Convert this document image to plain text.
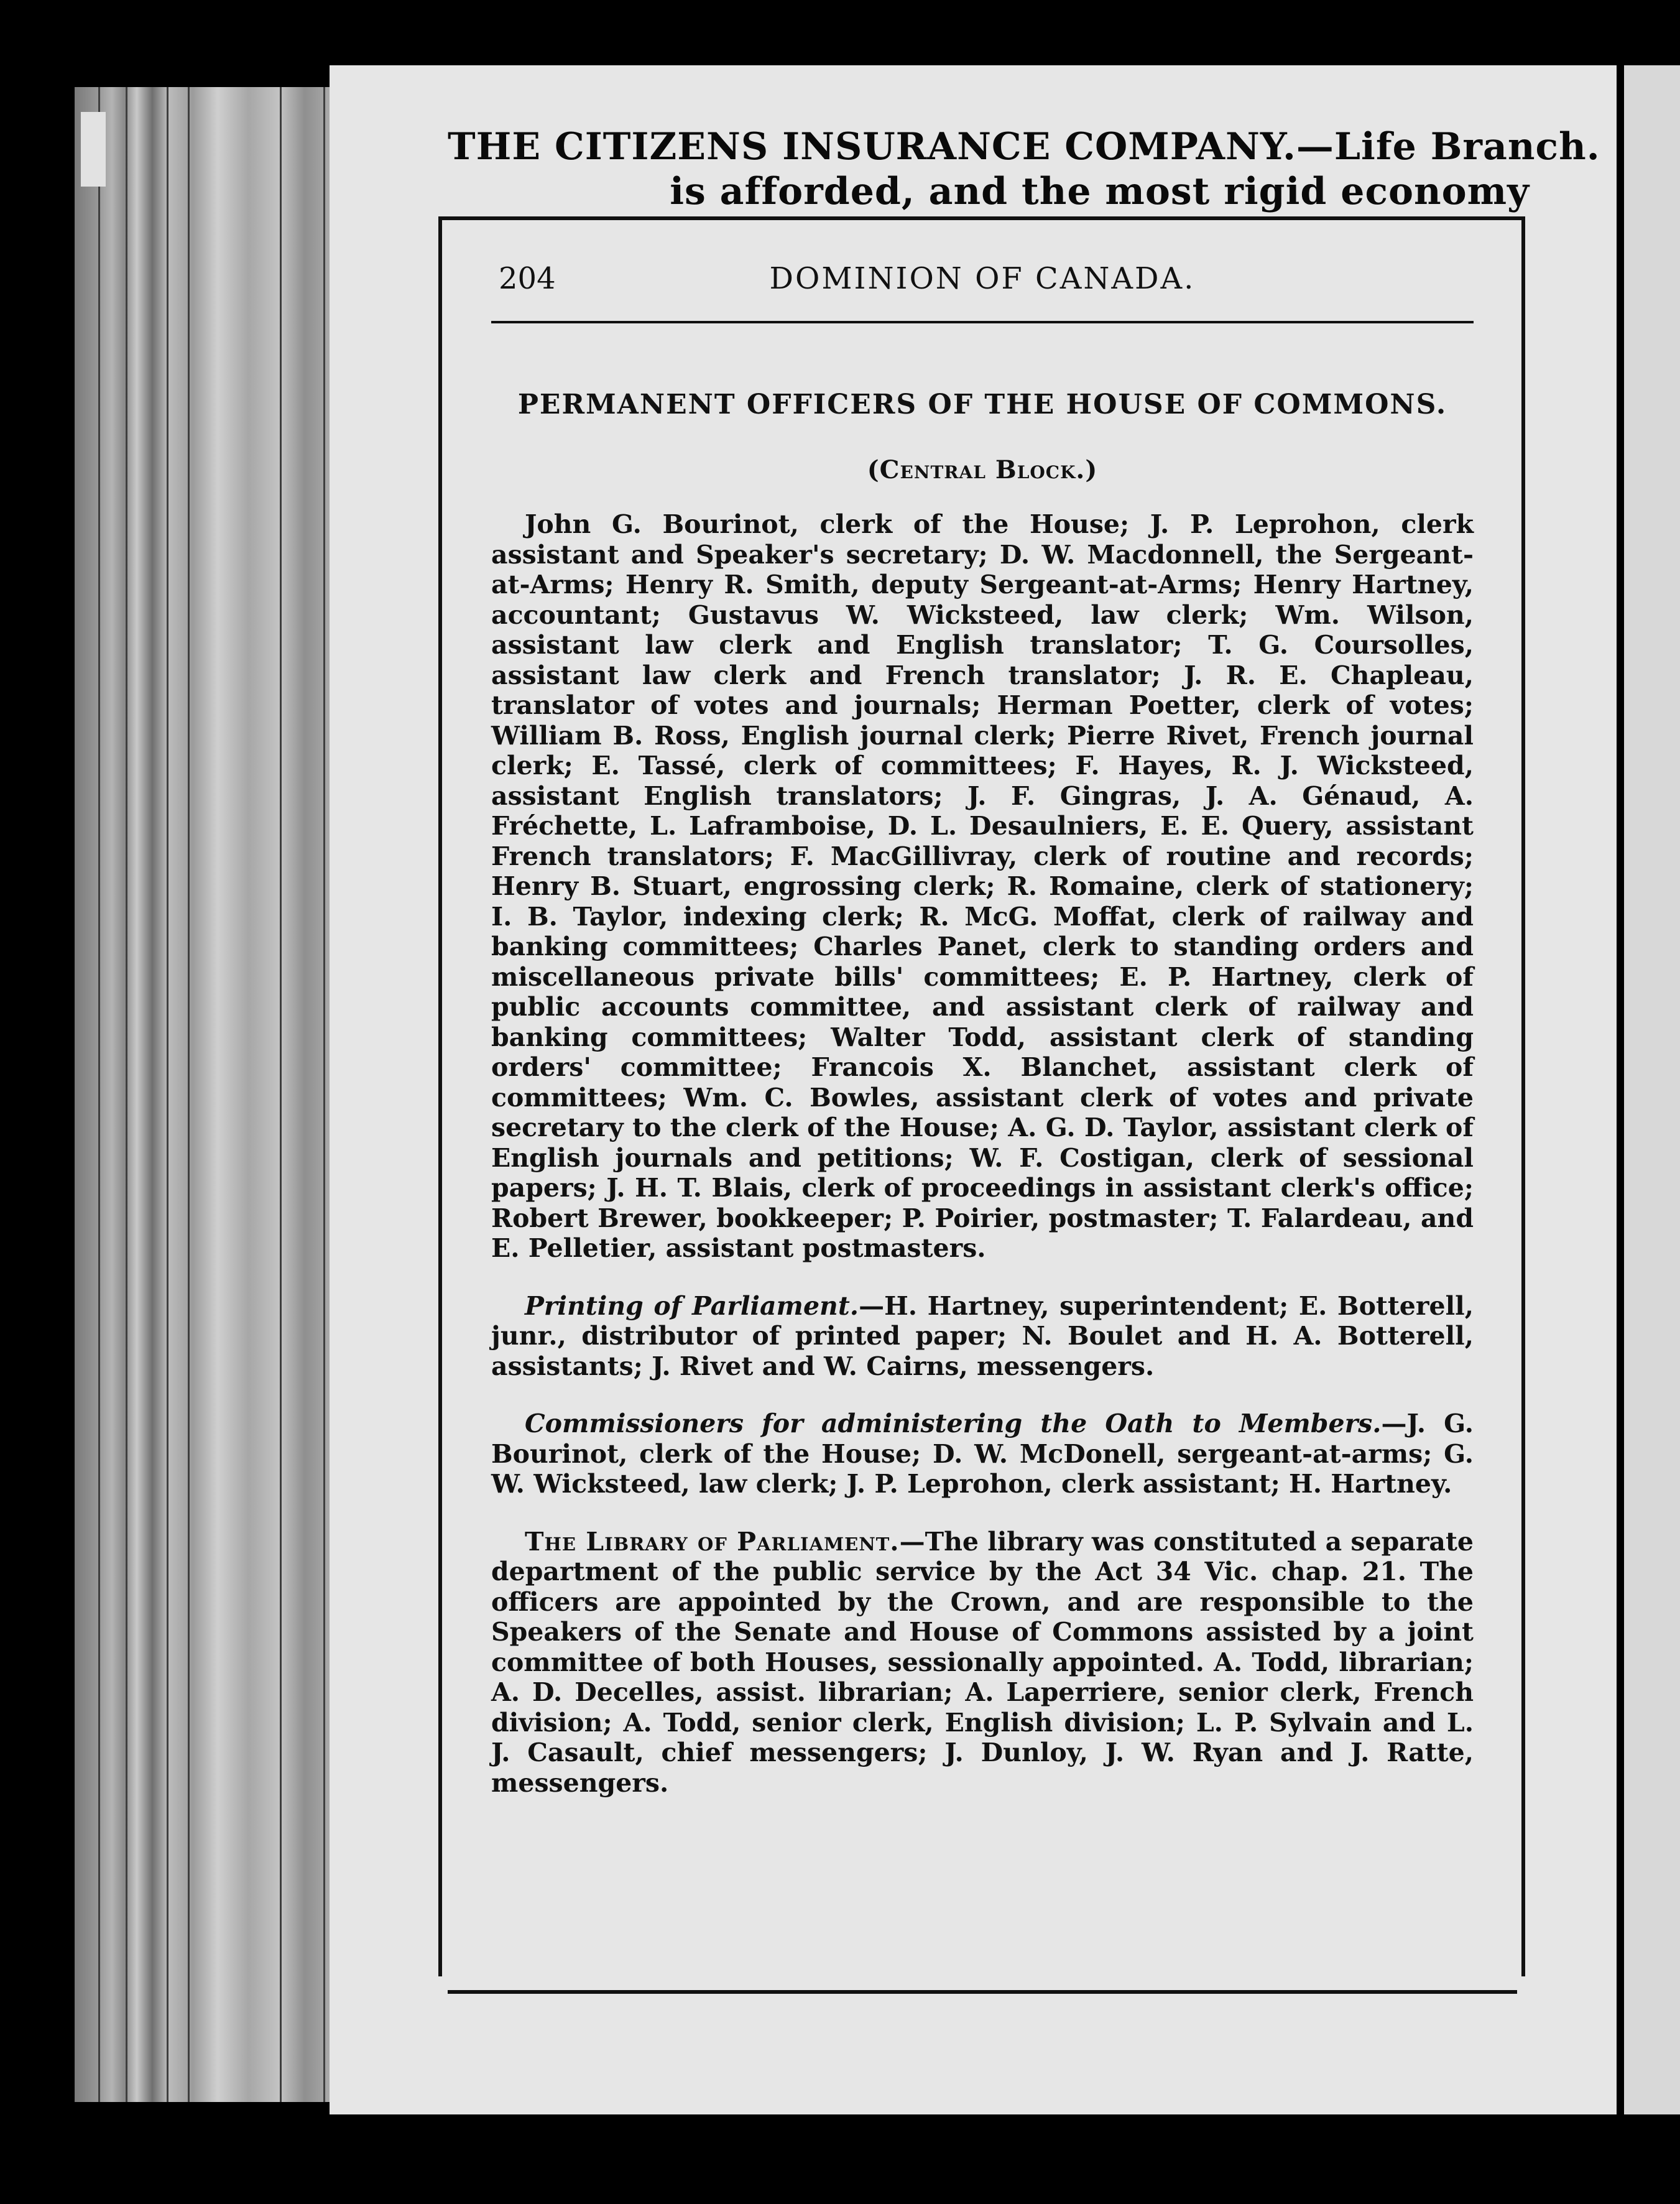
THE CITIZENS INSURANCE COMPANY.—Life Branch.
is afforded, and the most rigid economy
204	DOMINION OF CANADA.
PERMANENT OFFICERS OF THE HOUSE OF COMMONS.
(Central Block.)

John G. Bourinot, clerk of the House; J. P. Leprohon, clerk assistant and Speaker's secretary; D. W. Macdonnell, the Sergeant-at-Arms; Henry R. Smith, deputy Sergeant-at-Arms; Henry Hartney, accountant; Gustavus W. Wicksteed, law clerk; Wm. Wilson, assistant law clerk and English translator; T. G. Coursolles, assistant law clerk and French translator; J. R. E. Chapleau, translator of votes and journals; Herman Poetter, clerk of votes; William B. Ross, English journal clerk; Pierre Rivet, French journal clerk; E. Tassé, clerk of committees; F. Hayes, R. J. Wicksteed, assistant English translators; J. F. Gingras, J. A. Génaud, A. Fréchette, L. Laframboise, D. L. Desaulniers, E. E. Query, assistant French translators; F. MacGillivray, clerk of routine and records; Henry B. Stuart, engrossing clerk; R. Romaine, clerk of stationery; I. B. Taylor, indexing clerk; R. McG. Moffat, clerk of railway and banking committees; Charles Panet, clerk to standing orders and miscellaneous private bills' committees; E. P. Hartney, clerk of public accounts committee, and assistant clerk of railway and banking committees; Walter Todd, assistant clerk of standing orders' committee; Francois X. Blanchet, assistant clerk of committees; Wm. C. Bowles, assistant clerk of votes and private secretary to the clerk of the House; A. G. D. Taylor, assistant clerk of English journals and petitions; W. F. Costigan, clerk of sessional papers; J. H. T. Blais, clerk of proceedings in assistant clerk's office; Robert Brewer, bookkeeper; P. Poirier, postmaster; T. Falardeau, and E. Pelletier, assistant postmasters.

Printing of Parliament.—H. Hartney, superintendent; E. Botterell, junr., distributor of printed paper; N. Boulet and H. A. Botterell, assistants; J. Rivet and W. Cairns, messengers.

Commissioners for administering the Oath to Members.—J. G. Bourinot, clerk of the House; D. W. McDonell, sergeant-at-arms; G. W. Wicksteed, law clerk; J. P. Leprohon, clerk assistant; H. Hartney.

The Library of Parliament.—The library was constituted a separate department of the public service by the Act 34 Vic. chap. 21. The officers are appointed by the Crown, and are responsible to the Speakers of the Senate and House of Commons assisted by a joint committee of both Houses, sessionally appointed. A. Todd, librarian; A. D. Decelles, assist. librarian; A. Laperriere, senior clerk, French division; A. Todd, senior clerk, English division; L. P. Sylvain and L. J. Casault, chief messengers; J. Dunloy, J. W. Ryan and J. Ratte, messengers.
